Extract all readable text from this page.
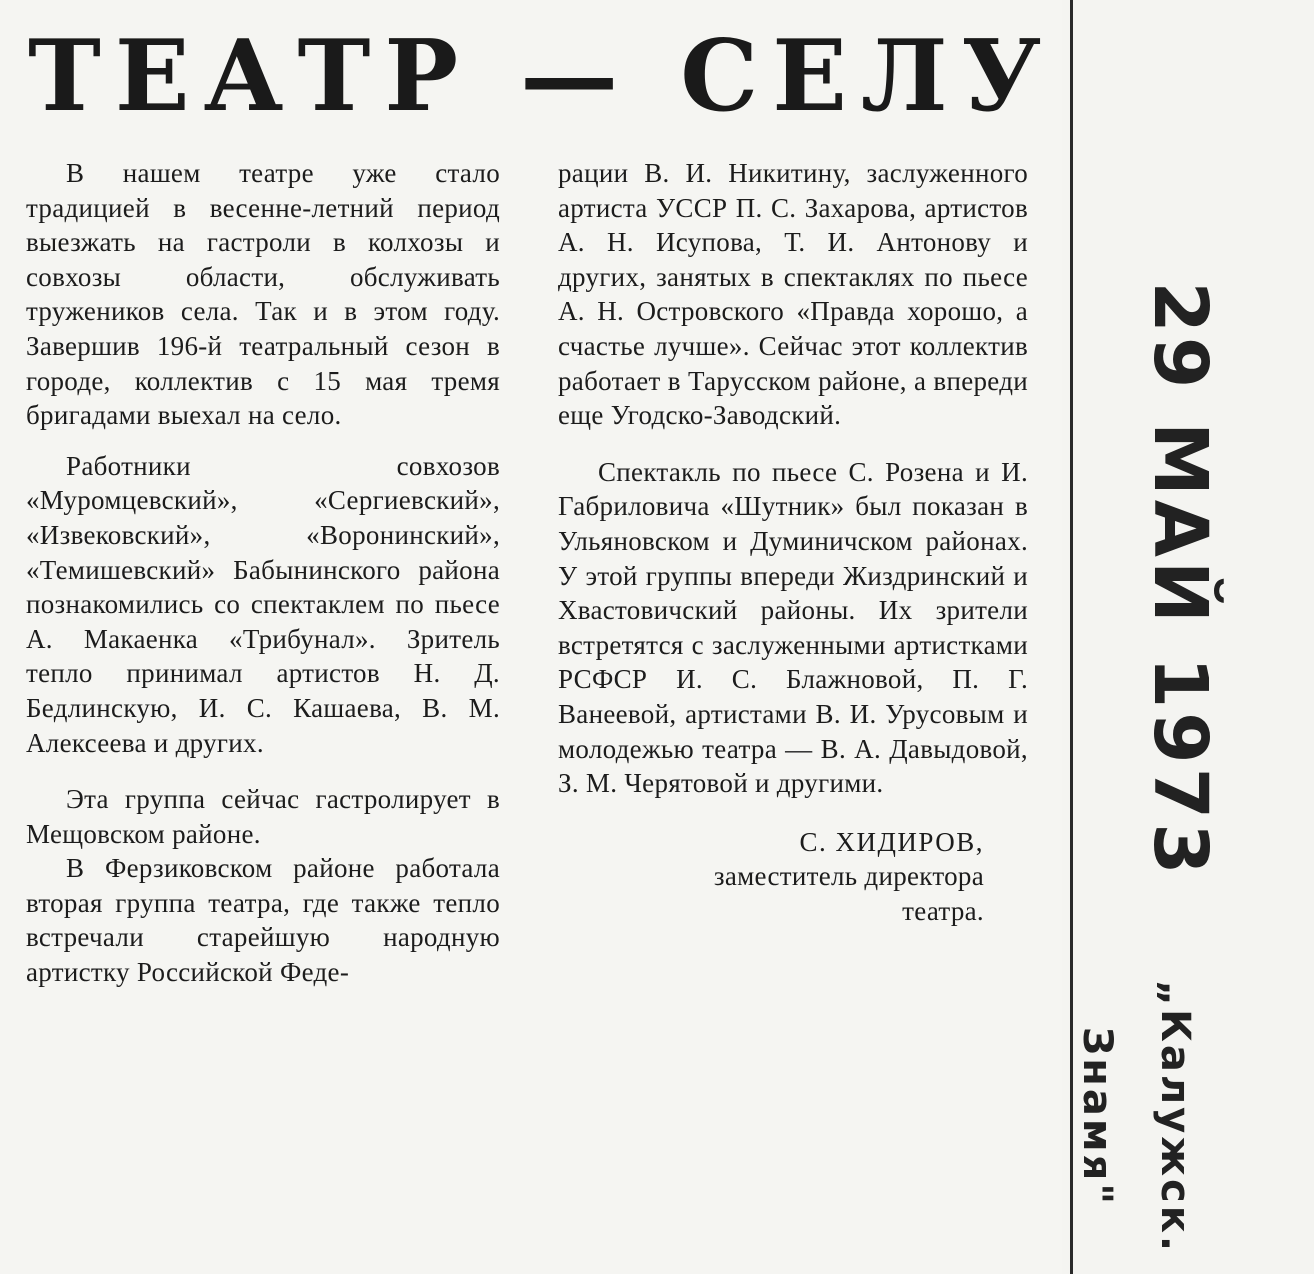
ТЕАТР — СЕЛУ

В нашем театре уже стало традицией в весенне-летний период выезжать на гастроли в колхозы и совхозы области, обслуживать тружеников села. Так и в этом году. Завершив 196-й театральный сезон в городе, коллектив с 15 мая тремя бригадами выехал на село.

Работники совхозов «Муромцевский», «Сергиевский», «Извековский», «Воронинский», «Темишевский» Бабынинского района познакомились со спектаклем по пьесе А. Макаенка «Трибунал». Зритель тепло принимал артистов Н. Д. Бедлинскую, И. С. Кашаева, В. М. Алексеева и других.

Эта группа сейчас гастролирует в Мещовском районе.

В Ферзиковском районе работала вторая группа театра, где также тепло встречали старейшую народную артистку Российской Феде-

рации В. И. Никитину, заслуженного артиста УССР П. С. Захарова, артистов А. Н. Исупова, Т. И. Антонову и других, занятых в спектаклях по пьесе А. Н. Островского «Правда хорошо, а счастье лучше». Сейчас этот коллектив работает в Тарусском районе, а впереди еще Угодско-Заводский.

Спектакль по пьесе С. Розена и И. Габриловича «Шутник» был показан в Ульяновском и Думиничском районах. У этой группы впереди Жиздринский и Хвастовичский районы. Их зрители встретятся с заслуженными артистками РСФСР И. С. Блажновой, П. Г. Ванеевой, артистами В. И. Урусовым и молодежью театра — В. А. Давыдовой, З. М. Черятовой и другими.

С. ХИДИРОВ,
заместитель директора
театра.
29 МАЙ 1973
„Калужск. Знамя"
